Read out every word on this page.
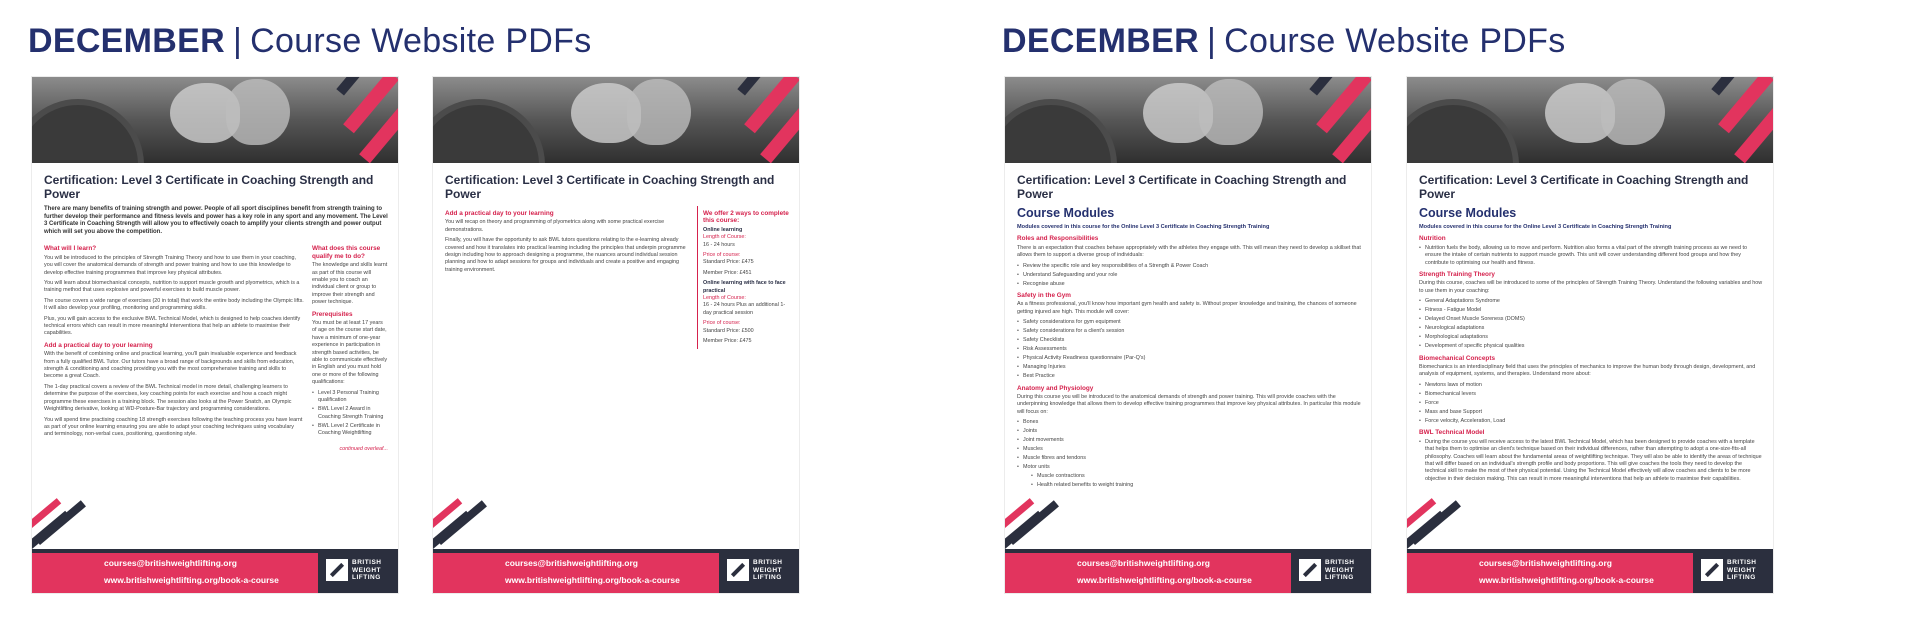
DECEMBER | Course Website PDFs	DECEMBER | Course Website PDFs
Certification: Level 3 Certificate in Coaching Strength and Power
There are many benefits of training strength and power. People of all sport disciplines benefit from strength training to further develop their performance and fitness levels and power has a key role in any sport and any movement. The Level 3 Certificate in Coaching Strength will allow you to effectively coach to amplify your clients strength and power output which will set you above the competition.
What will I learn?
You will be introduced to the principles of Strength Training Theory and how to use them in your coaching, you will cover the anatomical demands of strength and power training and how to use this knowledge to develop effective training programmes that improve key physical attributes.
You will learn about biomechanical concepts, nutrition to support muscle growth and plyometrics, which is a training method that uses explosive and powerful exercises to build muscle power.
The course covers a wide range of exercises (20 in total) that work the entire body including the Olympic lifts. It will also develop your profiling, monitoring and programming skills.
Plus, you will gain access to the exclusive BWL Technical Model, which is designed to help coaches identify technical errors which can result in more meaningful interventions that help an athlete to maximise their capabilities.
Add a practical day to your learning
With the benefit of combining online and practical learning, you'll gain invaluable experience and feedback from a fully qualified BWL Tutor. Our tutors have a broad range of backgrounds and skills from education, strength & conditioning and coaching providing you with the most comprehensive training and skills to become a great Coach.
The 1-day practical covers a review of the BWL Technical model in more detail, challenging learners to determine the purpose of the exercises, key coaching points for each exercise and how a coach might programme these exercises in a training block. The session also looks at the Power Snatch, an Olympic Weightlifting derivative, looking at WD-Posture-Bar trajectory and programming considerations.
You will spend time practising coaching 18 strength exercises following the teaching process you have learnt as part of your online learning ensuring you are able to adapt your coaching techniques using vocabulary and terminology, non-verbal cues, positioning, questioning style.
What does this course qualify me to do?
The knowledge and skills learnt as part of this course will enable you to coach an individual client or group to improve their strength and power technique.
Prerequisites
You must be at least 17 years of age on the course start date, have a minimum of one-year experience in participation in strength based activities, be able to communicate effectively in English and you must hold one or more of the following qualifications:
• Level 3 Personal Training qualification
• BWL Level 2 Award in Coaching Strength Training
• BWL Level 2 Certificate in Coaching Weightlifting
continued overleaf...
courses@britishweightlifting.org
www.britishweightlifting.org/book-a-course
BRITISH
WEIGHT
LIFTING
Certification: Level 3 Certificate in Coaching Strength and Power
Add a practical day to your learning
You will recap on theory and programming of plyometrics along with some practical exercise demonstrations.
Finally, you will have the opportunity to ask BWL tutors questions relating to the e-learning already covered and how it translates into practical learning including the principles that underpin programme design including how to approach designing a programme, the nuances around individual session planning and how to adapt sessions for groups and individuals and create a positive and engaging training environment.
We offer 2 ways to complete this course:
Online learning
Length of Course:
16 - 24 hours
Price of course:
Standard Price: £475
Member Price: £451
Online learning with face to face practical
Length of Course:
16 - 24 hours Plus an additional 1-day practical session
Price of course:
Standard Price: £500
Member Price: £475
courses@britishweightlifting.org
www.britishweightlifting.org/book-a-course
BRITISH
WEIGHT
LIFTING
Certification: Level 3 Certificate in Coaching Strength and Power
Course Modules
Modules covered in this course for the Online Level 3 Certificate in Coaching Strength Training
Roles and Responsibilities
There is an expectation that coaches behave appropriately with the athletes they engage with. This will mean they need to develop a skillset that allows them to support a diverse group of individuals:
• Review the specific role and key responsibilities of a Strength & Power Coach
• Understand Safeguarding and your role
• Recognise abuse
Safety in the Gym
As a fitness professional, you'll know how important gym health and safety is. Without proper knowledge and training, the chances of someone getting injured are high. This module will cover:
• Safety considerations for gym equipment
• Safety considerations for a client's session
• Safety Checklists
• Risk Assessments
• Physical Activity Readiness questionnaire (Par-Q's)
• Managing Injuries
• Best Practice
Anatomy and Physiology
During this course you will be introduced to the anatomical demands of strength and power training. This will provide coaches with the underpinning knowledge that allows them to develop effective training programmes that improve key physical attributes. In particular this module will focus on:
• Bones
• Joints
• Joint movements
• Muscles
• Muscle fibres and tendons
• Motor units
• Muscle contractions
• Health related benefits to weight training
courses@britishweightlifting.org
www.britishweightlifting.org/book-a-course
BRITISH
WEIGHT
LIFTING
Certification: Level 3 Certificate in Coaching Strength and Power
Course Modules
Modules covered in this course for the Online Level 3 Certificate in Coaching Strength Training
Nutrition
• Nutrition fuels the body, allowing us to move and perform. Nutrition also forms a vital part of the strength training process as we need to ensure the intake of certain nutrients to support muscle growth. This unit will cover understanding different food groups and how they contribute to optimising our health and fitness.
Strength Training Theory
During this course, coaches will be introduced to some of the principles of Strength Training Theory. Understand the following variables and how to use them in your coaching:
• General Adaptations Syndrome
• Fitness - Fatigue Model
• Delayed Onset Muscle Soreness (DOMS)
• Neurological adaptations
• Morphological adaptations
• Development of specific physical qualities
Biomechanical Concepts
Biomechanics is an interdisciplinary field that uses the principles of mechanics to improve the human body through design, development, and analysis of equipment, systems, and therapies. Understand more about:
• Newtons laws of motion
• Biomechanical levers
• Force
• Mass and base Support
• Force velocity, Acceleration, Load
BWL Technical Model
• During the course you will receive access to the latest BWL Technical Model, which has been designed to provide coaches with a template that helps them to optimise an client's technique based on their individual differences, rather than attempting to adopt a one-size-fits-all philosophy. Coaches will learn about the fundamental areas of weightlifting technique. They will also be able to identify the areas of technique that will differ based on an individual's strength profile and body proportions. This will give coaches the tools they need to develop the technical skill to make the most of their physical potential. Using the Technical Model effectively will allow coaches and clients to be more objective in their decision making. This can result in more meaningful interventions that help an athlete to maximise their capabilities.
courses@britishweightlifting.org
www.britishweightlifting.org/book-a-course
BRITISH
WEIGHT
LIFTING
